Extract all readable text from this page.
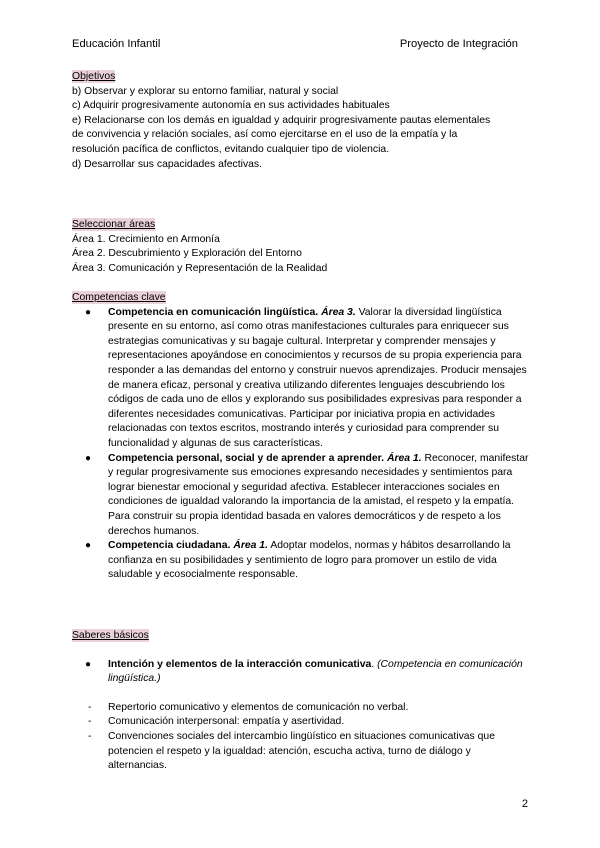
Educación Infantil	Proyecto de Integración
Objetivos
b) Observar y explorar su entorno familiar, natural y social
c) Adquirir progresivamente autonomía en sus actividades habituales
e) Relacionarse con los demás en igualdad y adquirir progresivamente pautas elementales
de convivencia y relación sociales, así como ejercitarse en el uso de la empatía y la
resolución pacífica de conflictos, evitando cualquier tipo de violencia.
d) Desarrollar sus capacidades afectivas.
Seleccionar áreas
Área 1. Crecimiento en Armonía
Área 2. Descubrimiento y Exploración del Entorno
Área 3. Comunicación y Representación de la Realidad
Competencias clave
● Competencia en comunicación lingüística. Área 3. Valorar la diversidad lingüística presente en su entorno, así como otras manifestaciones culturales para enriquecer sus estrategias comunicativas y su bagaje cultural. Interpretar y comprender mensajes y representaciones apoyándose en conocimientos y recursos de su propia experiencia para responder a las demandas del entorno y construir nuevos aprendizajes. Producir mensajes de manera eficaz, personal y creativa utilizando diferentes lenguajes descubriendo los códigos de cada uno de ellos y explorando sus posibilidades expresivas para responder a diferentes necesidades comunicativas. Participar por iniciativa propia en actividades relacionadas con textos escritos, mostrando interés y curiosidad para comprender su funcionalidad y algunas de sus características.
● Competencia personal, social y de aprender a aprender. Área 1. Reconocer, manifestar y regular progresivamente sus emociones expresando necesidades y sentimientos para lograr bienestar emocional y seguridad afectiva. Establecer interacciones sociales en condiciones de igualdad valorando la importancia de la amistad, el respeto y la empatía. Para construir su propia identidad basada en valores democráticos y de respeto a los derechos humanos.
● Competencia ciudadana. Área 1. Adoptar modelos, normas y hábitos desarrollando la confianza en su posibilidades y sentimiento de logro para promover un estilo de vida saludable y ecosocialmente responsable.
Saberes básicos
● Intención y elementos de la interacción comunicativa. (Competencia en comunicación lingüística.)
- Repertorio comunicativo y elementos de comunicación no verbal.
- Comunicación interpersonal: empatía y asertividad.
- Convenciones sociales del intercambio lingüístico en situaciones comunicativas que potencien el respeto y la igualdad: atención, escucha activa, turno de diálogo y alternancias.
2
